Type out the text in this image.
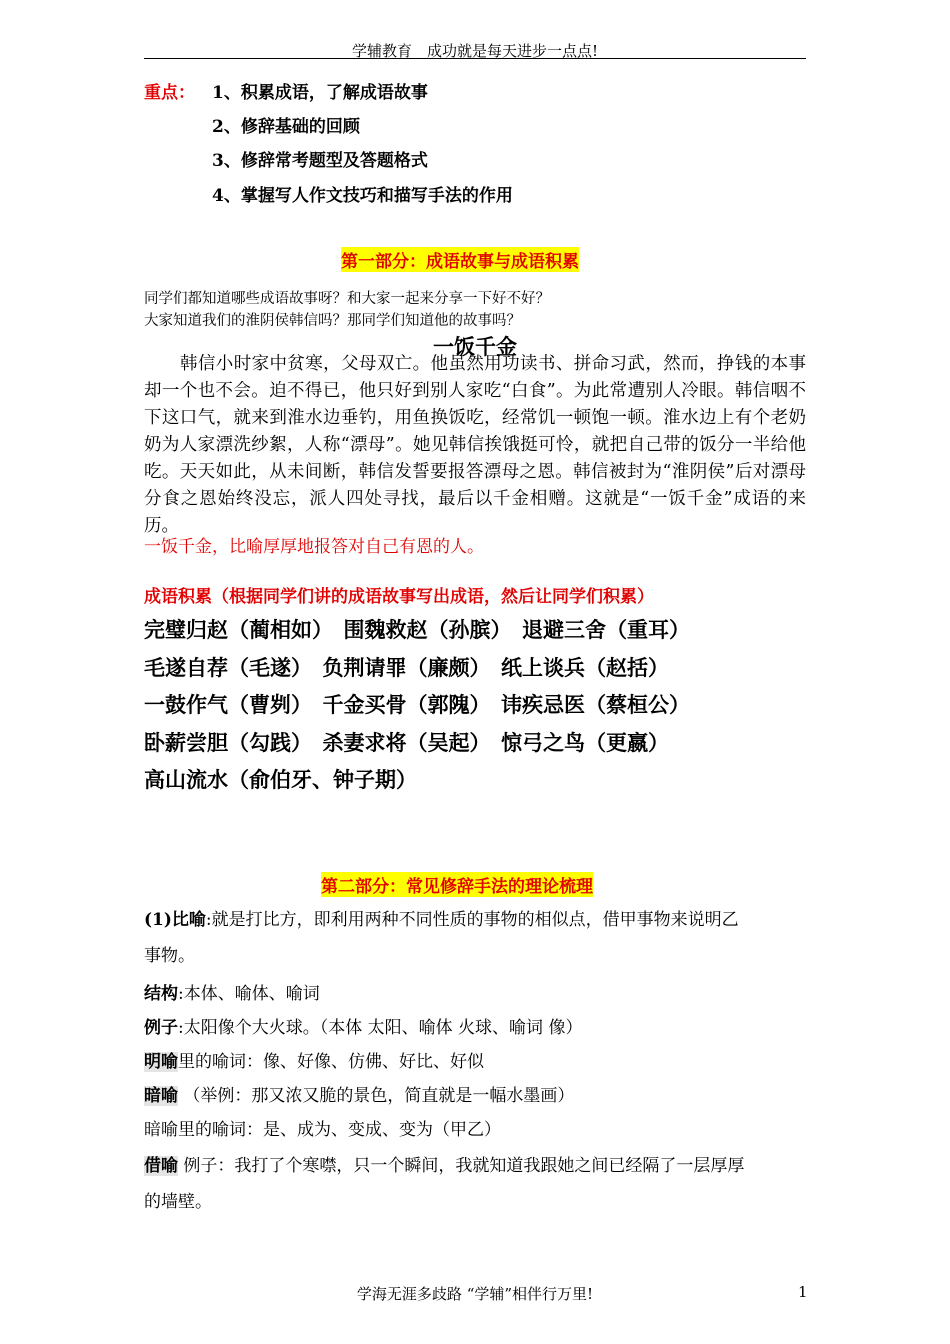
学辅教育　成功就是每天进步一点点!
重点： 1、积累成语，了解成语故事
2、修辞基础的回顾
3、修辞常考题型及答题格式
4、掌握写人作文技巧和描写手法的作用
第一部分：成语故事与成语积累
同学们都知道哪些成语故事呀？和大家一起来分享一下好不好？
大家知道我们的淮阴侯韩信吗？那同学们知道他的故事吗？
一饭千金
韩信小时家中贫寒，父母双亡。他虽然用功读书、拼命习武，然而，挣钱的本事却一个也不会。迫不得已，他只好到别人家吃“白食”。为此常遭别人冷眼。韩信咽不下这口气，就来到淮水边垂钓，用鱼换饭吃，经常饥一顿饱一顿。淮水边上有个老奶奶为人家漂洗纱絮，人称“漂母”。她见韩信挨饿挺可怜，就把自己带的饭分一半给他吃。天天如此，从未间断，韩信发誓要报答漂母之恩。韩信被封为“淮阴侯”后对漂母分食之恩始终没忘，派人四处寻找，最后以千金相赠。这就是“一饭千金”成语的来历。
一饭千金，比喻厚厚地报答对自己有恩的人。
成语积累（根据同学们讲的成语故事写出成语，然后让同学们积累）
完璧归赵（蔺相如）　围魏救赵（孙膑）　退避三舍（重耳）
毛遂自荐（毛遂）　负荆请罪（廉颇）　纸上谈兵（赵括）
一鼓作气（曹刿）　千金买骨（郭隗）　讳疾忌医（蔡桓公）
卧薪尝胆（勾践）　杀妻求将（吴起）　惊弓之鸟（更嬴）
高山流水（俞伯牙、钟子期）
第二部分：常见修辞手法的理论梳理
(1)比喻:就是打比方，即利用两种不同性质的事物的相似点，借甲事物来说明乙
事物。
结构:本体、喻体、喻词
例子:太阳像个大火球。（本体 太阳、喻体 火球、喻词 像）
明喻里的喻词：像、好像、仿佛、好比、好似
暗喻 （举例：那又浓又脆的景色，简直就是一幅水墨画）
暗喻里的喻词：是、成为、变成、变为（甲乙）
借喻 例子：我打了个寒噤，只一个瞬间，我就知道我跟她之间已经隔了一层厚厚
的墙壁。
学海无涯多歧路 “学辅”相伴行万里!	1
